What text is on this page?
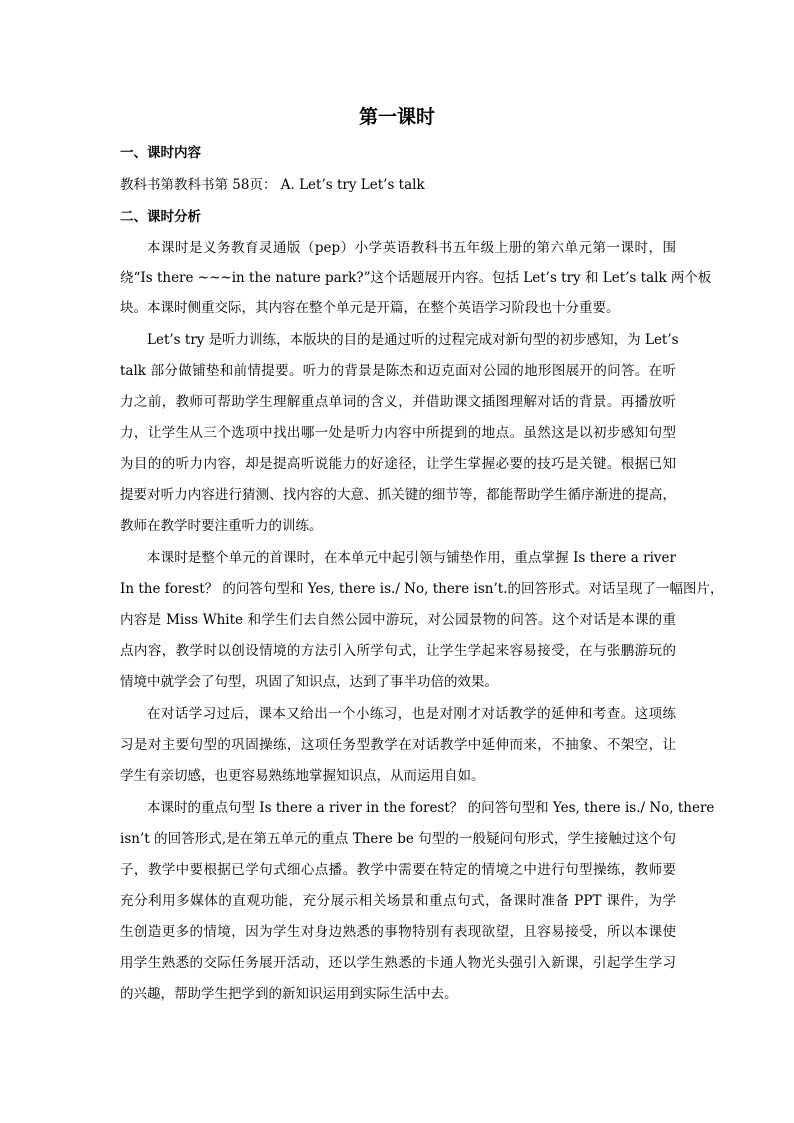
第一课时
一、课时内容
教科书第教科书第 58页： A. Let’s try Let’s talk
二、课时分析
本课时是义务教育灵通版（pep）小学英语教科书五年级上册的第六单元第一课时，围
绕“Is there ~~~in the nature park?”这个话题展开内容。包括 Let’s try 和 Let’s talk 两个板
块。本课时侧重交际，其内容在整个单元是开篇，在整个英语学习阶段也十分重要。
Let’s try 是听力训练，本版块的目的是通过听的过程完成对新句型的初步感知，为 Let’s
talk 部分做铺垫和前情提要。听力的背景是陈杰和迈克面对公园的地形图展开的问答。在听
力之前，教师可帮助学生理解重点单词的含义，并借助课文插图理解对话的背景。再播放听
力，让学生从三个选项中找出哪一处是听力内容中所提到的地点。虽然这是以初步感知句型
为目的的听力内容，却是提高听说能力的好途径，让学生掌握必要的技巧是关键。根据已知
提要对听力内容进行猜测、找内容的大意、抓关键的细节等，都能帮助学生循序渐进的提高，
教师在教学时要注重听力的训练。
本课时是整个单元的首课时，在本单元中起引领与铺垫作用，重点掌握 Is there a river
In the forest？ 的问答句型和 Yes, there is./ No, there isn’t.的回答形式。对话呈现了一幅图片，
内容是 Miss White 和学生们去自然公园中游玩，对公园景物的问答。这个对话是本课的重
点内容，教学时以创设情境的方法引入所学句式，让学生学起来容易接受，在与张鹏游玩的
情境中就学会了句型，巩固了知识点，达到了事半功倍的效果。
在对话学习过后，课本又给出一个小练习，也是对刚才对话教学的延伸和考查。这项练
习是对主要句型的巩固操练，这项任务型教学在对话教学中延伸而来，不抽象、不架空，让
学生有亲切感，也更容易熟练地掌握知识点，从而运用自如。
本课时的重点句型 Is there a river in the forest？ 的问答句型和 Yes, there is./ No, there
isn’t 的回答形式,是在第五单元的重点 There be 句型的一般疑问句形式，学生接触过这个句
子，教学中要根据已学句式细心点播。教学中需要在特定的情境之中进行句型操练，教师要
充分利用多媒体的直观功能，充分展示相关场景和重点句式，备课时准备 PPT 课件，为学
生创造更多的情境，因为学生对身边熟悉的事物特别有表现欲望，且容易接受，所以本课使
用学生熟悉的交际任务展开活动，还以学生熟悉的卡通人物光头强引入新课，引起学生学习
的兴趣，帮助学生把学到的新知识运用到实际生活中去。
